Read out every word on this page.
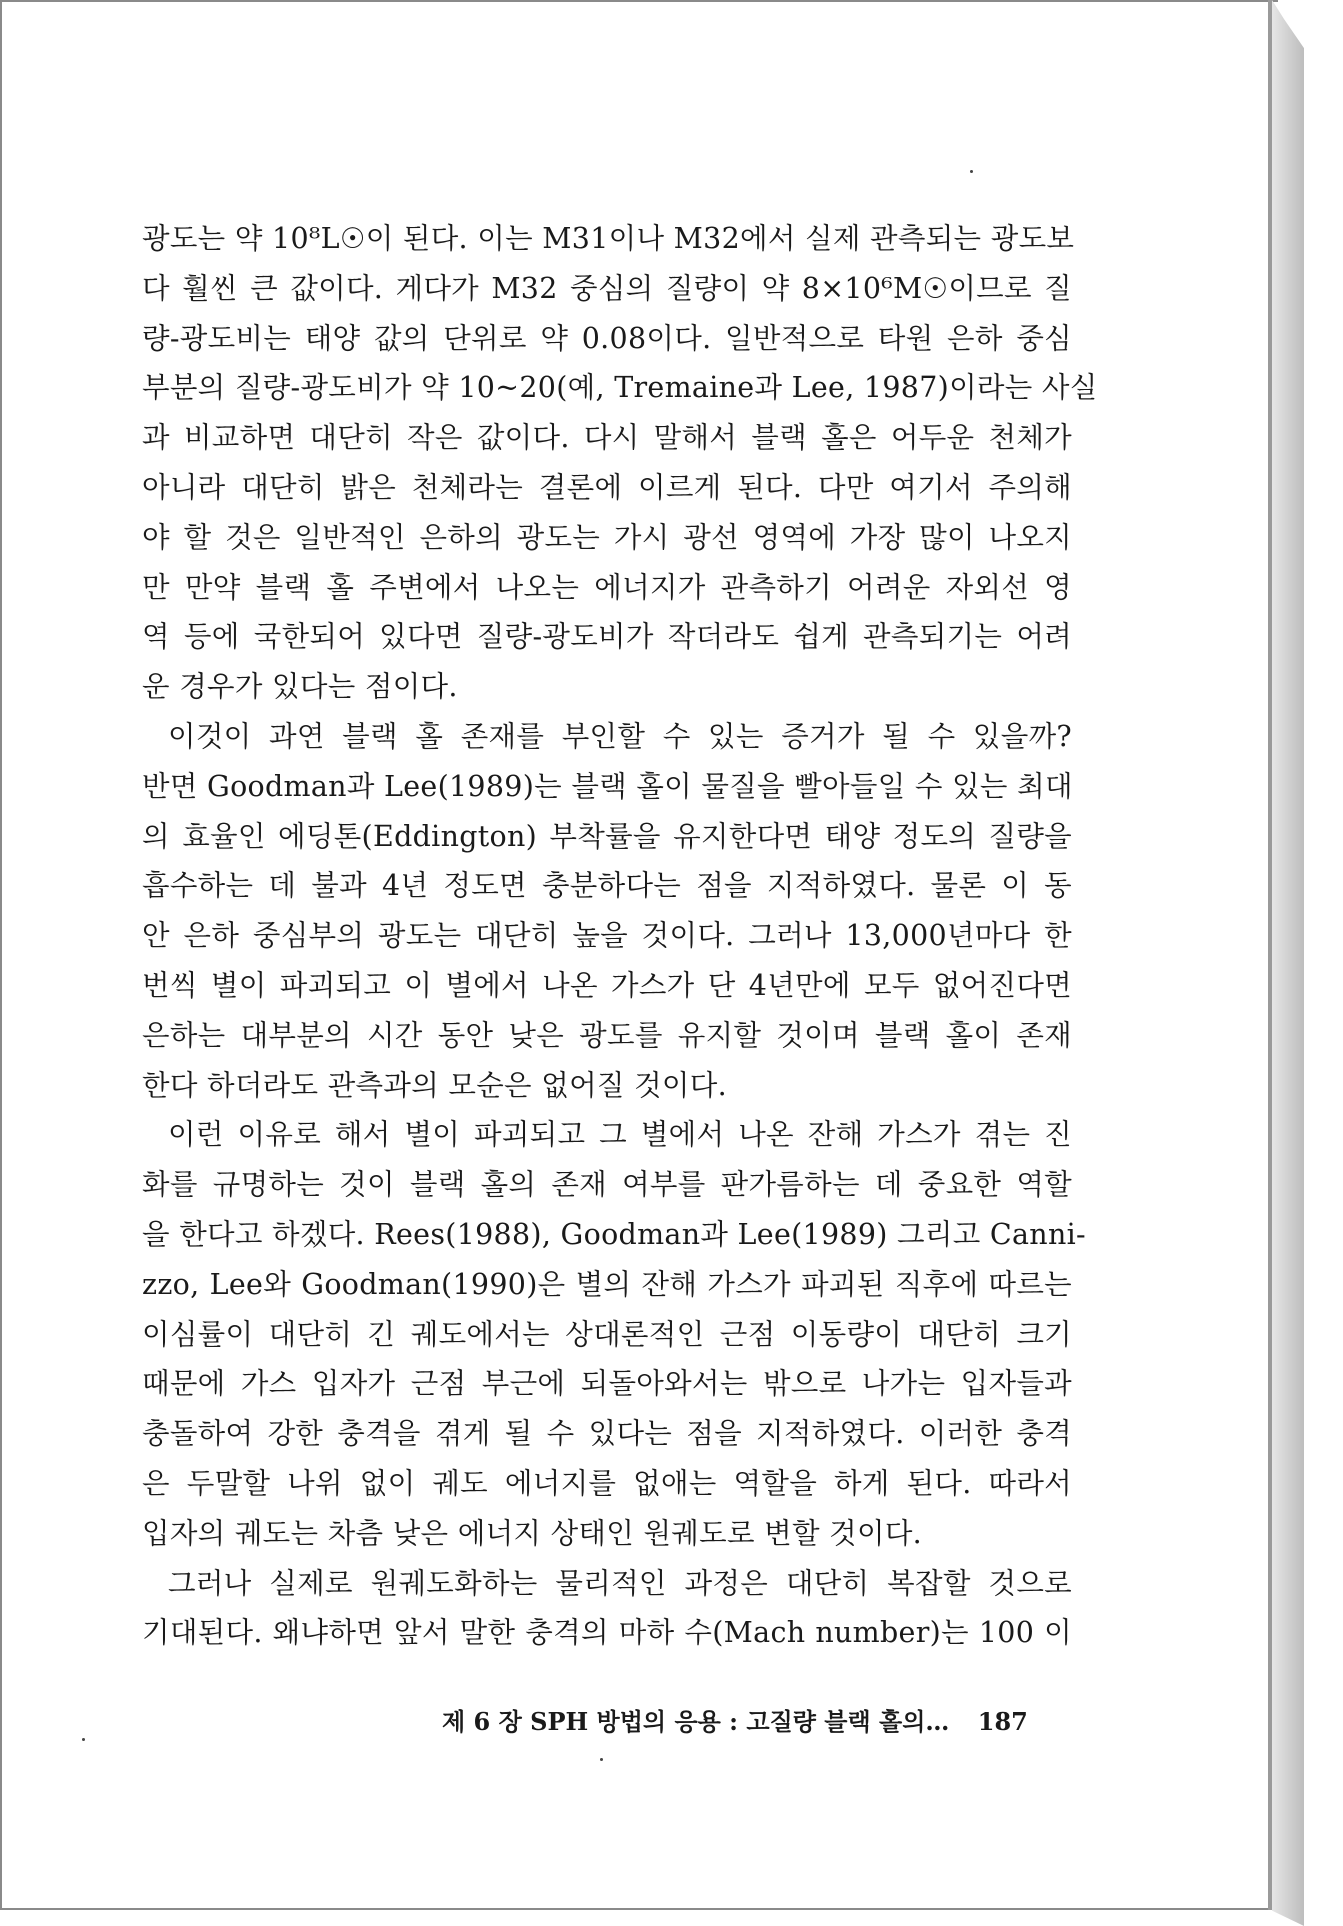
광도는 약 10⁸L☉이 된다. 이는 M31이나 M32에서 실제 관측되는 광도보
다 훨씬 큰 값이다. 게다가 M32 중심의 질량이 약 8×10⁶M☉이므로 질
량-광도비는 태양 값의 단위로 약 0.08이다. 일반적으로 타원 은하 중심
부분의 질량-광도비가 약 10~20(예, Tremaine과 Lee, 1987)이라는 사실
과 비교하면 대단히 작은 값이다. 다시 말해서 블랙 홀은 어두운 천체가
아니라 대단히 밝은 천체라는 결론에 이르게 된다. 다만 여기서 주의해
야 할 것은 일반적인 은하의 광도는 가시 광선 영역에 가장 많이 나오지
만 만약 블랙 홀 주변에서 나오는 에너지가 관측하기 어려운 자외선 영
역 등에 국한되어 있다면 질량-광도비가 작더라도 쉽게 관측되기는 어려
운 경우가 있다는 점이다.
이것이 과연 블랙 홀 존재를 부인할 수 있는 증거가 될 수 있을까?
반면 Goodman과 Lee(1989)는 블랙 홀이 물질을 빨아들일 수 있는 최대
의 효율인 에딩톤(Eddington) 부착률을 유지한다면 태양 정도의 질량을
흡수하는 데 불과 4년 정도면 충분하다는 점을 지적하였다. 물론 이 동
안 은하 중심부의 광도는 대단히 높을 것이다. 그러나 13,000년마다 한
번씩 별이 파괴되고 이 별에서 나온 가스가 단 4년만에 모두 없어진다면
은하는 대부분의 시간 동안 낮은 광도를 유지할 것이며 블랙 홀이 존재
한다 하더라도 관측과의 모순은 없어질 것이다.
이런 이유로 해서 별이 파괴되고 그 별에서 나온 잔해 가스가 겪는 진
화를 규명하는 것이 블랙 홀의 존재 여부를 판가름하는 데 중요한 역할
을 한다고 하겠다. Rees(1988), Goodman과 Lee(1989) 그리고 Canni-
zzo, Lee와 Goodman(1990)은 별의 잔해 가스가 파괴된 직후에 따르는
이심률이 대단히 긴 궤도에서는 상대론적인 근점 이동량이 대단히 크기
때문에 가스 입자가 근점 부근에 되돌아와서는 밖으로 나가는 입자들과
충돌하여 강한 충격을 겪게 될 수 있다는 점을 지적하였다. 이러한 충격
은 두말할 나위 없이 궤도 에너지를 없애는 역할을 하게 된다. 따라서
입자의 궤도는 차츰 낮은 에너지 상태인 원궤도로 변할 것이다.
그러나 실제로 원궤도화하는 물리적인 과정은 대단히 복잡할 것으로
기대된다. 왜냐하면 앞서 말한 충격의 마하 수(Mach number)는 100 이
제 6 장 SPH 방법의 응용 : 고질량 블랙 홀의… 187
